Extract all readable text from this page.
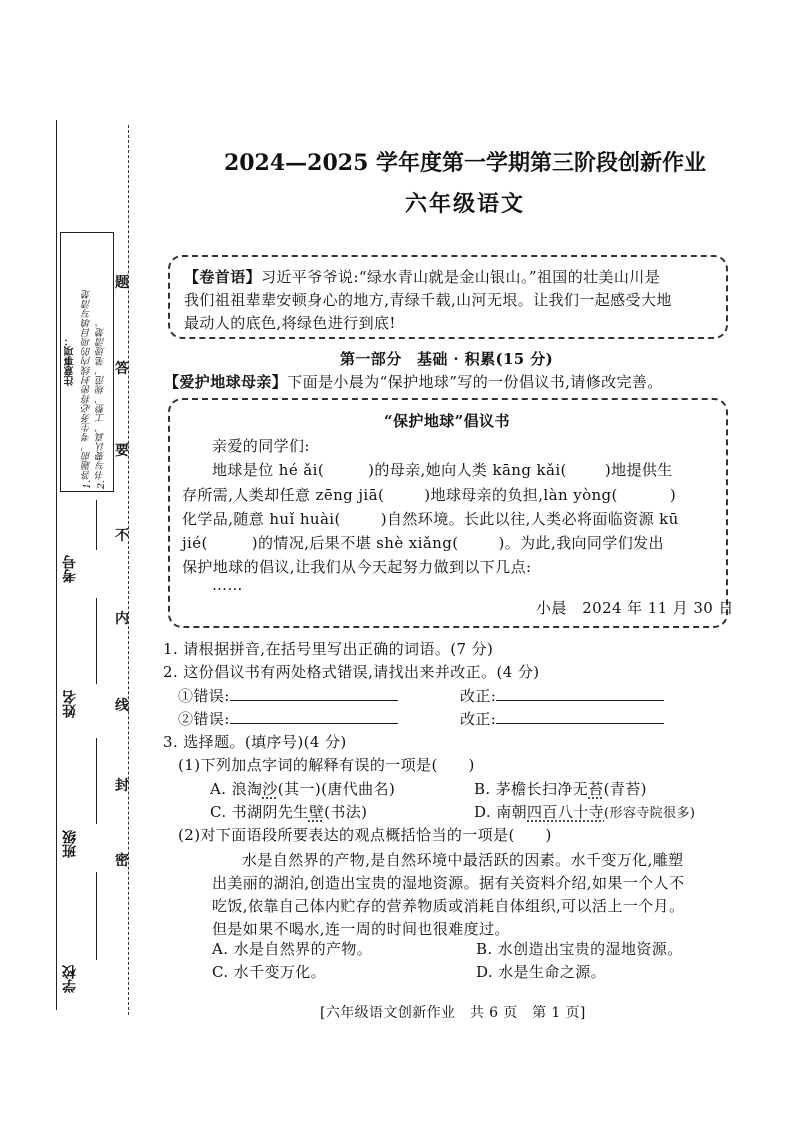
注意事项： 1.答题前，考生务必将密封线内的项目填写清楚 2.书写要认真、工整、规范，笔迹清楚。
学校
班级
姓名
考号
密
封
线
内
不
要
答
题
2024—2025 学年度第一学期第三阶段创新作业
六年级语文
【卷首语】习近平爷爷说:“绿水青山就是金山银山。”祖国的壮美山川是
我们祖祖辈辈安顿身心的地方,青绿千载,山河无垠。让我们一起感受大地
最动人的底色,将绿色进行到底!
第一部分　基础 · 积累(15 分)
【爱护地球母亲】下面是小晨为“保护地球”写的一份倡议书,请修改完善。
“保护地球”倡议书
亲爱的同学们:
地球是位 hé ǎi(	)的母亲,她向人类 kāng kǎi(	)地提供生
存所需,人类却任意 zēng jiā(	)地球母亲的负担,làn yòng(	)
化学品,随意 huǐ huài(	)自然环境。长此以往,人类必将面临资源 kū
jié(	)的情况,后果不堪 shè xiǎng(	)。为此,我向同学们发出
保护地球的倡议,让我们从今天起努力做到以下几点:
……
小晨　2024 年 11 月 30 日
1. 请根据拼音,在括号里写出正确的词语。(7 分)
2. 这份倡议书有两处格式错误,请找出来并改正。(4 分)
①错误:	改正:
②错误:	改正:
3. 选择题。(填序号)(4 分)
(1)下列加点字词的解释有误的一项是(　　)
A. 浪淘沙(其一)(唐代曲名)	B. 茅檐长扫净无苔(青苔)
C. 书湖阴先生壁(书法)	D. 南朝四百八十寺(形容寺院很多)
(2)对下面语段所要表达的观点概括恰当的一项是(　　)
水是自然界的产物,是自然环境中最活跃的因素。水千变万化,雕塑
出美丽的湖泊,创造出宝贵的湿地资源。据有关资料介绍,如果一个人不
吃饭,依靠自己体内贮存的营养物质或消耗自体组织,可以活上一个月。
但是如果不喝水,连一周的时间也很难度过。
A. 水是自然界的产物。	B. 水创造出宝贵的湿地资源。
C. 水千变万化。	D. 水是生命之源。
[六年级语文创新作业　共 6 页　第 1 页]
